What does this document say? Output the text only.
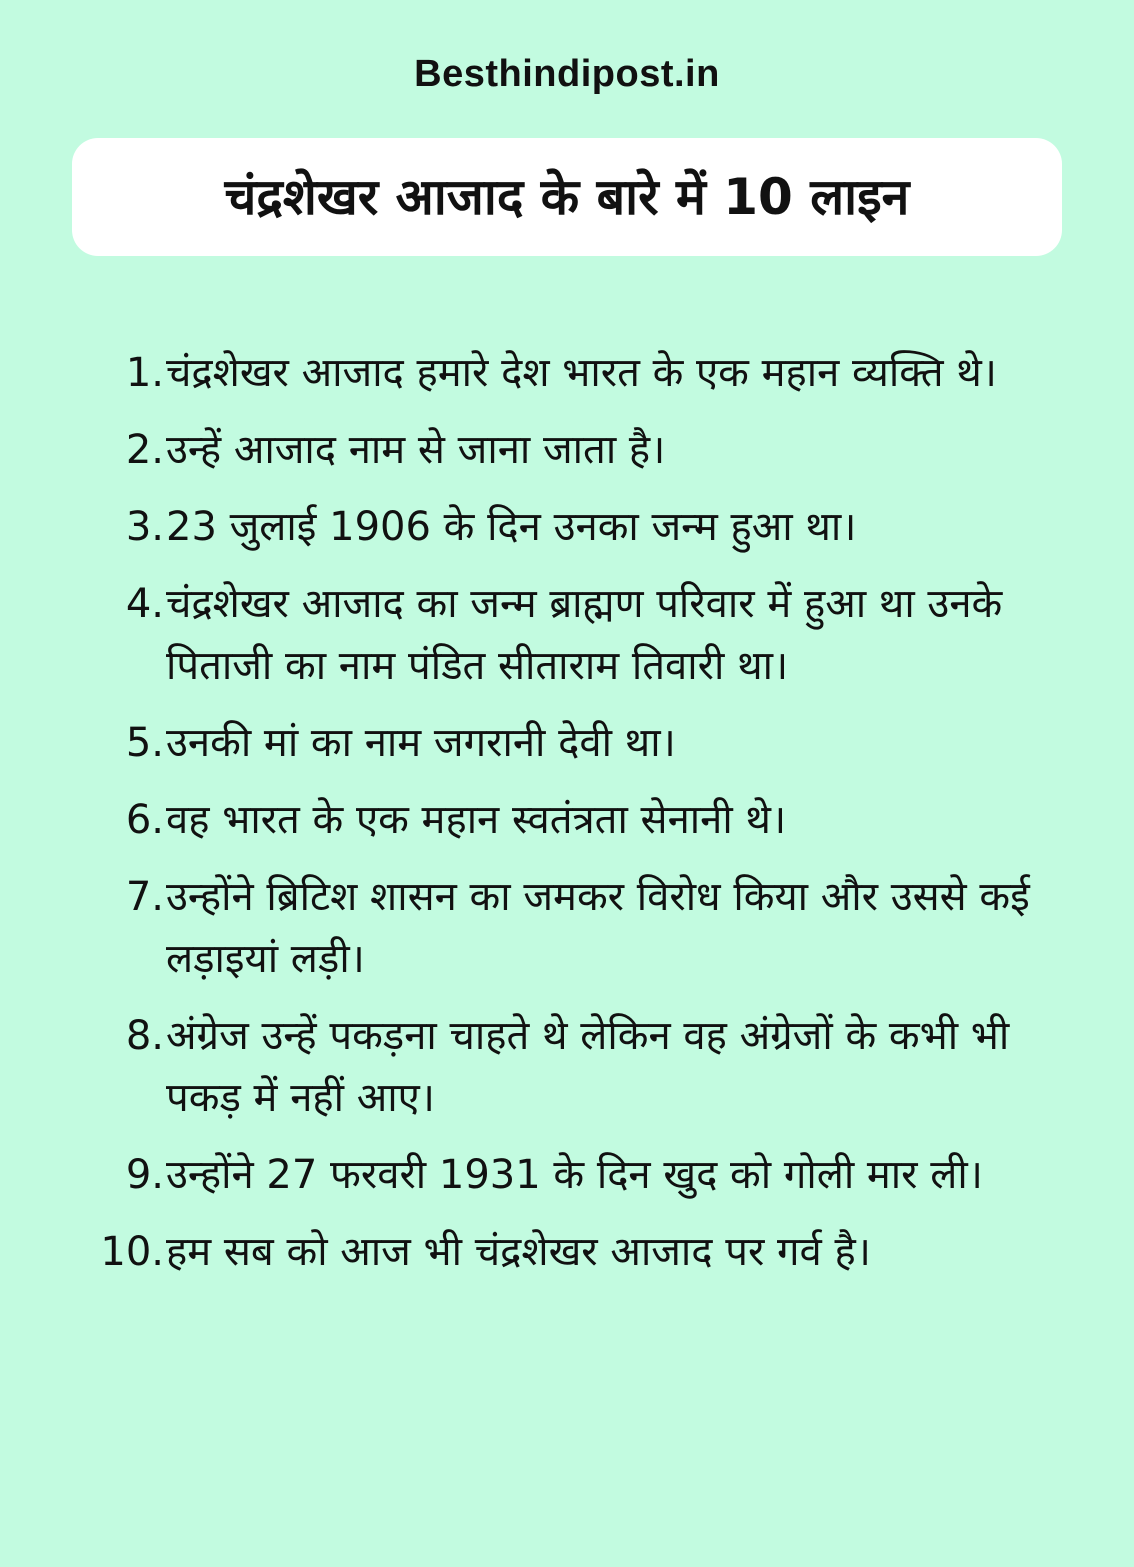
Besthindipost.in
चंद्रशेखर आजाद के बारे में 10 लाइन
1. चंद्रशेखर आजाद हमारे देश भारत के एक महान व्यक्ति थे।
2. उन्हें आजाद नाम से जाना जाता है।
3. 23 जुलाई 1906 के दिन उनका जन्म हुआ था।
4. चंद्रशेखर आजाद का जन्म ब्राह्मण परिवार में हुआ था उनके पिताजी का नाम पंडित सीताराम तिवारी था।
5. उनकी मां का नाम जगरानी देवी था।
6. वह भारत के एक महान स्वतंत्रता सेनानी थे।
7. उन्होंने ब्रिटिश शासन का जमकर विरोध किया और उससे कई लड़ाइयां लड़ी।
8. अंग्रेज उन्हें पकड़ना चाहते थे लेकिन वह अंग्रेजों के कभी भी पकड़ में नहीं आए।
9. उन्होंने 27 फरवरी 1931 के दिन खुद को गोली मार ली।
10. हम सब को आज भी चंद्रशेखर आजाद पर गर्व है।
